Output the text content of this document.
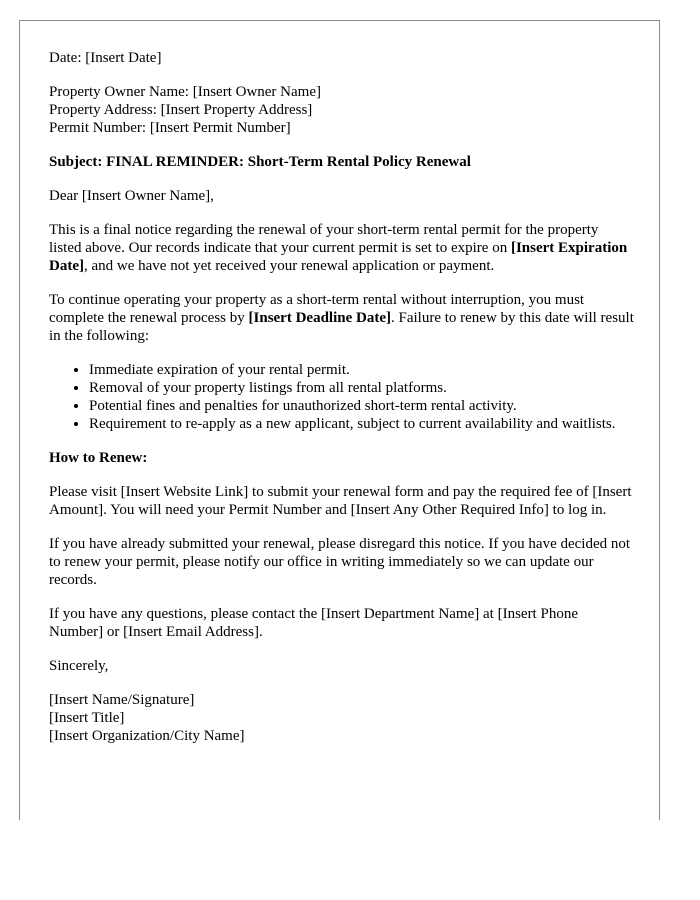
Date: [Insert Date]

Property Owner Name: [Insert Owner Name]
Property Address: [Insert Property Address]
Permit Number: [Insert Permit Number]

Subject: FINAL REMINDER: Short-Term Rental Policy Renewal

Dear [Insert Owner Name],

This is a final notice regarding the renewal of your short-term rental permit for the property listed above. Our records indicate that your current permit is set to expire on [Insert Expiration Date], and we have not yet received your renewal application or payment.

To continue operating your property as a short-term rental without interruption, you must complete the renewal process by [Insert Deadline Date]. Failure to renew by this date will result in the following:

• Immediate expiration of your rental permit.
• Removal of your property listings from all rental platforms.
• Potential fines and penalties for unauthorized short-term rental activity.
• Requirement to re-apply as a new applicant, subject to current availability and waitlists.

How to Renew:

Please visit [Insert Website Link] to submit your renewal form and pay the required fee of [Insert Amount]. You will need your Permit Number and [Insert Any Other Required Info] to log in.

If you have already submitted your renewal, please disregard this notice. If you have decided not to renew your permit, please notify our office in writing immediately so we can update our records.

If you have any questions, please contact the [Insert Department Name] at [Insert Phone Number] or [Insert Email Address].

Sincerely,

[Insert Name/Signature]
[Insert Title]
[Insert Organization/City Name]
